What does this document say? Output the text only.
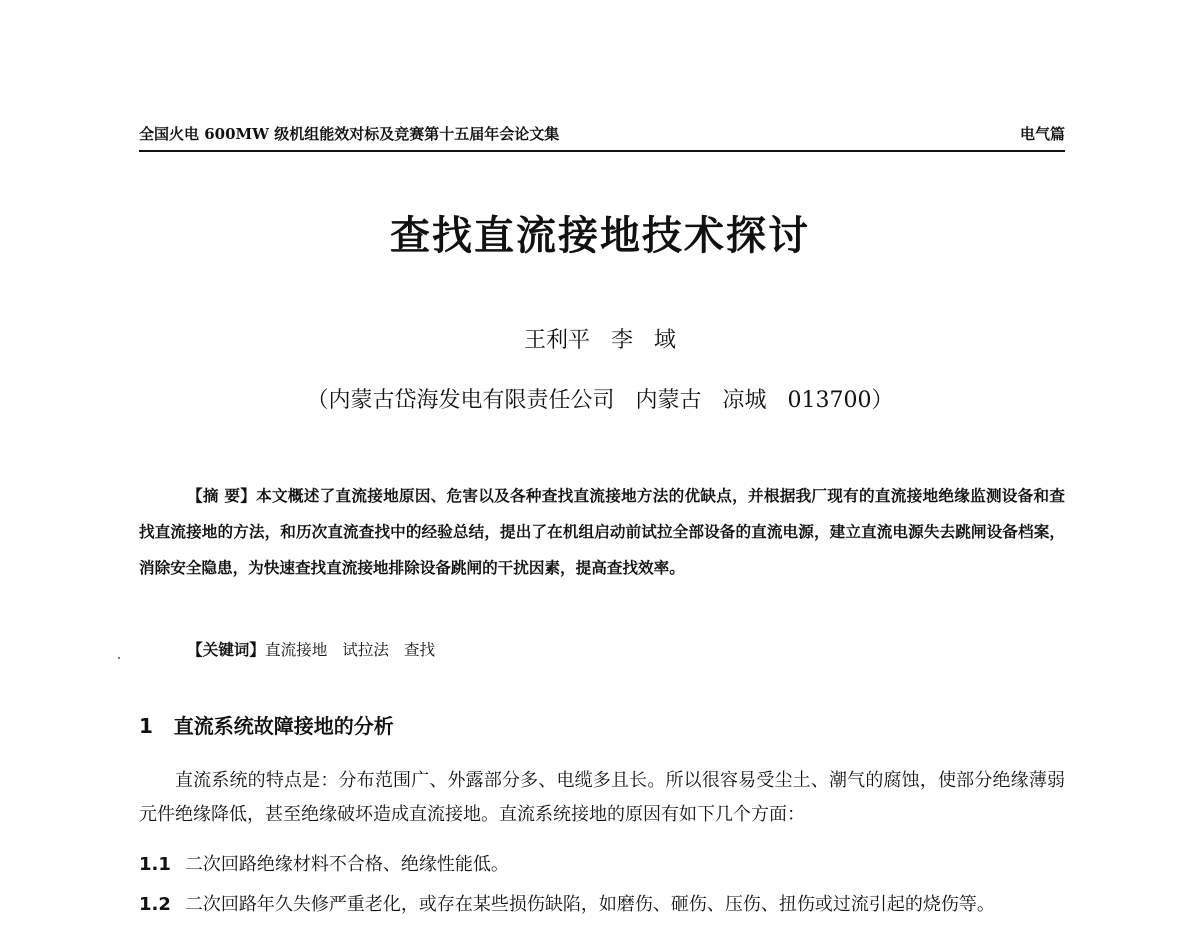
全国火电 600MW 级机组能效对标及竞赛第十五届年会论文集	电气篇
查找直流接地技术探讨
王利平   李   域
（内蒙古岱海发电有限责任公司   内蒙古   凉城   013700）

【摘 要】本文概述了直流接地原因、危害以及各种查找直流接地方法的优缺点，并根据我厂现有的直流接地绝缘监测设备和查找直流接地的方法，和历次直流查找中的经验总结，提出了在机组启动前试拉全部设备的直流电源，建立直流电源失去跳闸设备档案，消除安全隐患，为快速查找直流接地排除设备跳闸的干扰因素，提高查找效率。

【关键词】直流接地   试拉法   查找
1   直流系统故障接地的分析

直流系统的特点是：分布范围广、外露部分多、电缆多且长。所以很容易受尘土、潮气的腐蚀，使部分绝缘薄弱元件绝缘降低，甚至绝缘破坏造成直流接地。直流系统接地的原因有如下几个方面：

1.1 二次回路绝缘材料不合格、绝缘性能低。

1.2 二次回路年久失修严重老化，或存在某些损伤缺陷，如磨伤、砸伤、压伤、扭伤或过流引起的烧伤等。
